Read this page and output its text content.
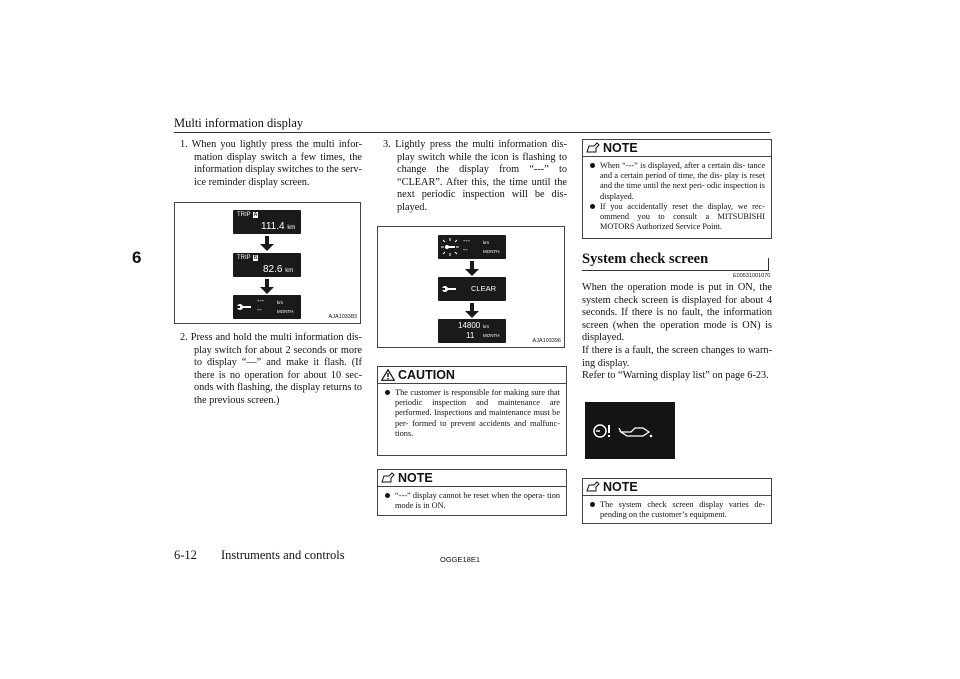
Multi information display
6

1. When you lightly press the multi infor- mation display switch a few times, the information display switches to the serv- ice reminder display screen.

TRIP A
111.4 km
TRIP B
82.6 km
---
--
km
MONTH
AJA103383

2. Press and hold the multi information dis- play switch for about 2 seconds or more to display “—” and make it flash. (If there is no operation for about 10 sec- onds with flashing, the display returns to the previous screen.)

3. Lightly press the multi information dis- play switch while the icon is flashing to change the display from “---” to “CLEAR”. After this, the time until the next periodic inspection will be dis- played.

---
--
km
MONTH
CLEAR
14800
11
km
MONTH
AJA103396
CAUTION
The customer is responsible for making sure that periodic inspection and maintenance are performed. Inspections and maintenance must be per- formed to prevent accidents and malfunc- tions.
NOTE
“---” display cannot be reset when the opera- tion mode is in ON.
NOTE
When “---” is displayed, after a certain dis- tance and a certain period of time, the dis- play is reset and the time until the next peri- odic inspection is displayed.
If you accidentally reset the display, we rec- ommend you to consult a MITSUBISHI MOTORS Authorized Service Point.
System check screen
E00531001070

When the operation mode is put in ON, the system check screen is displayed for about 4 seconds. If there is no fault, the information screen (when the operation mode is ON) is displayed.

If there is a fault, the screen changes to warn- ing display.

Refer to “Warning display list” on page 6-23.

NOTE
The system check screen display varies de- pending on the customer’s equipment.
6-12 Instruments and controls	OGGE18E1
